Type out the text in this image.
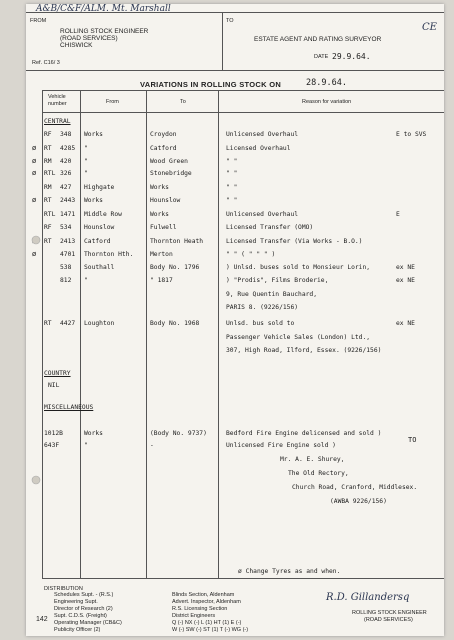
A&B/C&F/ALM. Mt. Marshall
FROM	TO
ROLLING STOCK ENGINEER
(ROAD SERVICES)
CHISWICK
ESTATE AGENT AND RATING SURVEYOR
Ref. C16/ 3
DATE 29.9.64.
CE
VARIATIONS IN ROLLING STOCK ON	28.9.64.
Vehicle
number	From	To	Reason for variation
CENTRAL
RF 348 Works	Croydon	Unlicensed Overhaul	E to SVS
ø RT 4285 "	Catford	Licensed Overhaul
ø RM 420 "	Wood Green	" "
ø RTL 326 "	Stonebridge	" "
RM 427 Highgate	Works	" "
ø RT 2443 Works	Hounslow	" "
RTL 1471 Middle Row	Works	Unlicensed Overhaul	E
RF 534 Hounslow	Fulwell	Licensed Transfer (OMO)
RT 2413 Catford	Thornton Heath	Licensed Transfer (Via Works - B.O.)
ø	4701 Thornton Hth.	Merton	" " ( " " " )
538 Southall	Body No. 1796	) Unlsd. buses sold to Monsieur Lorin,	ex NE
812 "	" 1817	) "Prodis", Films Broderie,	ex NE
9, Rue Quentin Bauchard,
PARIS 8. (9226/156)
RT 4427 Loughton	Body No. 1968	Unlsd. bus sold to	ex NE
Passenger Vehicle Sales (London) Ltd.,
307, High Road, Ilford, Essex. (9226/156)
COUNTRY
NIL
MISCELLANEOUS
1012B	Works	(Body No. 9737)	Bedford Fire Engine delicensed and sold )
643F	"	-	Unlicensed Fire Engine sold )
Mr. A. E. Shurey,
The Old Rectory,
Church Road, Cranford, Middlesex.
(AWBA 9226/156)
TO
ø Change Tyres as and when.
DISTRIBUTION
Schedules Supt. - (R.S.)
Engineering Supt.
Director of Research (2)
Supt. C.D.S. (Freight)
Operating Manager (CB&C)
Publicity Officer (2)
Blinds Section, Aldenham
Advert. Inspector, Aldenham
R.S. Licensing Section
District Engineers
Q (-) NX (-) L (1) HT (1) E (-)
W (-) SW (-) ST (1) T (-) WG (-)
142
R.D. Gillandersq
ROLLING STOCK ENGINEER
(ROAD SERVICES)
